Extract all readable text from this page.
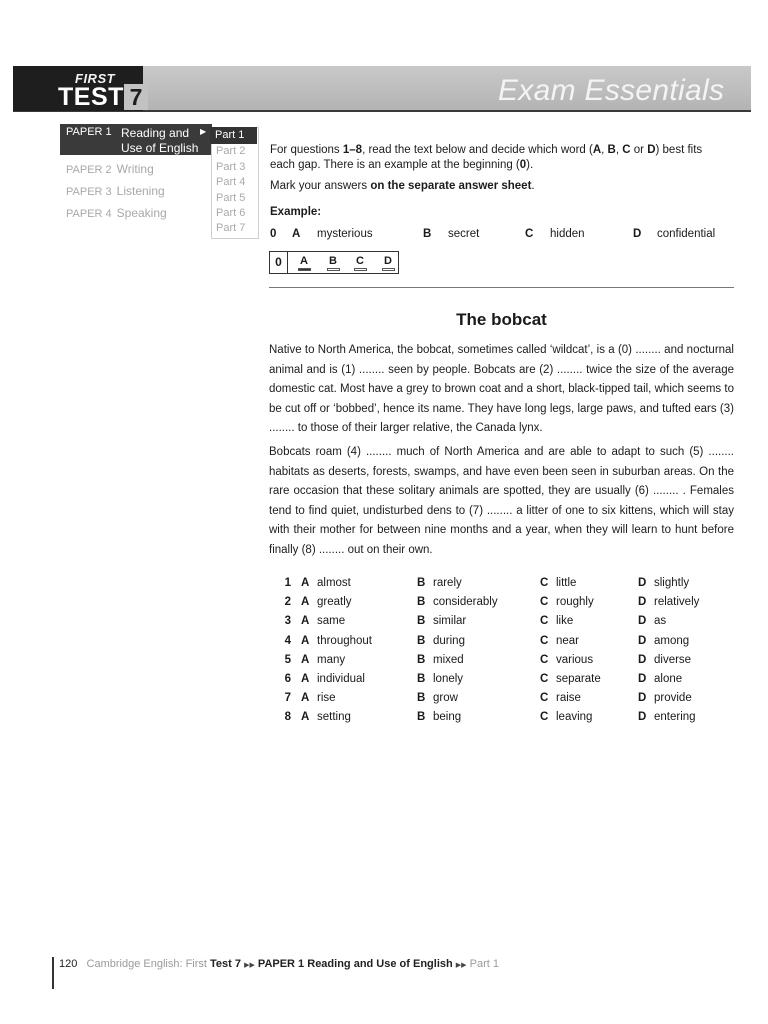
FIRST
TEST 7	Exam Essentials
PAPER 1 Reading and
Use of English
▶
PAPER 2 Writing
PAPER 3 Listening
PAPER 4 Speaking
Part 2
Part 3
Part 4
Part 5
Part 6
Part 7
Part 1
For questions 1–8, read the text below and decide which word (A, B, C or D) best fits
each gap. There is an example at the beginning (0).
Mark your answers on the separate answer sheet.
Example:
0 A mysterious	B secret	C hidden	D confidential
0	A B C D
The bobcat
Native to North America, the bobcat, sometimes called ‘wildcat’, is a (0) ........ and nocturnal animal and is (1) ........ seen by people. Bobcats are (2) ........ twice the size of the average domestic cat. Most have a grey to brown coat and a short, black-tipped tail, which seems to be cut off or ‘bobbed’, hence its name. They have long legs, large paws, and tufted ears (3) ........ to those of their larger relative, the Canada lynx.
Bobcats roam (4) ........ much of North America and are able to adapt to such (5) ........ habitats as deserts, forests, swamps, and have even been seen in suburban areas. On the rare occasion that these solitary animals are spotted, they are usually (6) ........ . Females tend to find quiet, undisturbed dens to (7) ........ a litter of one to six kittens, which will stay with their mother for between nine months and a year, when they will learn to hunt before finally (8) ........ out on their own.
1 A almost	B rarely	C little	D slightly
2 A greatly	B considerably	C roughly	D relatively
3 A same	B similar	C like	D as
4 A throughout	B during	C near	D among
5 A many	B mixed	C various	D diverse
6 A individual	B lonely	C separate	D alone
7 A rise	B grow	C raise	D provide
8 A setting	B being	C leaving	D entering
120 Cambridge English: First Test 7 ▶▶ PAPER 1 Reading and Use of English ▶▶ Part 1
